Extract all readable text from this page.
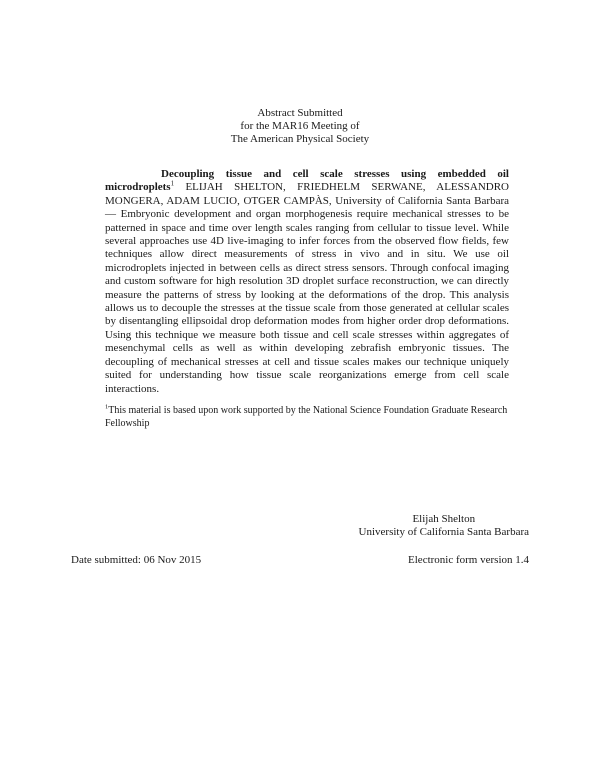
Abstract Submitted
for the MAR16 Meeting of
The American Physical Society
Decoupling tissue and cell scale stresses using embedded oil microdroplets$^1$ ELIJAH SHELTON, FRIEDHELM SERWANE, ALESSANDRO MONGERA, ADAM LUCIO, OTGER CAMPÀS, University of California Santa Barbara — Embryonic development and organ morphogenesis require mechanical stresses to be patterned in space and time over length scales ranging from cellular to tissue level. While several approaches use 4D live-imaging to infer forces from the observed flow fields, few techniques allow direct measurements of stress in vivo and in situ. We use oil microdroplets injected in between cells as direct stress sensors. Through confocal imaging and custom software for high resolution 3D droplet surface reconstruction, we can directly measure the patterns of stress by looking at the deformations of the drop. This analysis allows us to decouple the stresses at the tissue scale from those generated at cellular scales by disentangling ellipsoidal drop deformation modes from higher order drop deformations. Using this technique we measure both tissue and cell scale stresses within aggregates of mesenchymal cells as well as within developing zebrafish embryonic tissues. The decoupling of mechanical stresses at cell and tissue scales makes our technique uniquely suited for understanding how tissue scale reorganizations emerge from cell scale interactions.
$^1$This material is based upon work supported by the National Science Foundation Graduate Research Fellowship
Elijah Shelton
University of California Santa Barbara
Date submitted: 06 Nov 2015	Electronic form version 1.4
